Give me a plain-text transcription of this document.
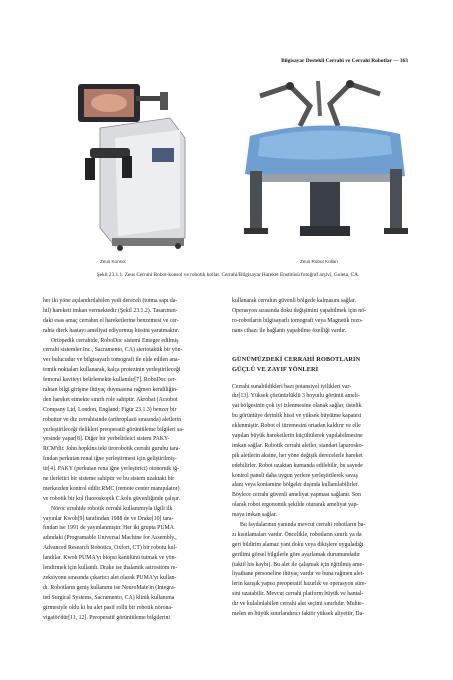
Bilgisayar Destekli Cerrahi ve Cerrahi Robotlar — 363
Zeus Konsol	Zeus Robot Kolları
Şekil 23.1.1. Zeus Cerrahi Robot-konsol ve robotik kollar. Cerrahi/Bilgisayar Hareket Enstitüsü fotoğraf arşivi, Goleta, CA.
her iki yöne açılandırılabilen yedi dereceli (tutma sapı da-
hil) hareketi imkan vermektedir (Şekil 23.1.2). Tasarımın-
daki esas amaç cerrahın el hareketlerine benzemesi ve cer-
rahta dierk hastayı ameliyat ediyormuş hissini yaratmaktır.
Ortopedik cerrahide, RoboDoc sistemi Entegre edilmiş
cerrahi sistemler Inc., Sacramento, CA) steriotaktik bir yön-
ver bulucudur ve bilgisayarlı tomografi ile elde edilen ana-
tomik noktaları kullanarak, kalça protezinin yerleştirileceği
femoral kaviteyi belirlemekte kullanılır[7]. RoboDoc cer-
rahtan bilgi girişine ihtiyaç duymasına rağmen kendiliğin-
den hareket etmekte sınırlı role sahiptir. Akrobat (Acrobot
Company Ltd, London, England; Figür 23.1.3) benzer bir
robottur ve diz cerrahisinde (arthroplasti sırasında) aletlerin
yerleştirileceği delikleri preoperatif görüntüleme bilgileri sa-
yesinde yapar[8]. Diğer bir yerbelirleici sistem PAKY-
RCM'dir. John hopkins teki ürorobotik cerrahi gurubu tara-
fından perkutan renal iğne yerleştirmesi için geliştirilmiş-
tir[4]. PAKY (perkutan rena iğne yerleştirici) otonomik iğ-
ne ilerletici bir sisteme sahiptir ve bu sistem uzaktaki bir
merkezden kontrol edilir.RMC (remote center manıpılator)
ve robotik bir kol fluoroskopik C.kolu güvenliğinde çalışır.
Nöroc errahide robotik cerrahi kullanımıyla ilgili ilk
yayınlar Kwoh[9] tarafından 1988 de ve Drake[10] tara-
fından ise 1991 de yayınlanmıştır. Her iki grupta PUMA
adındaki (Programable Universal Machine for Assembly.,
Advanced Research Robotics, Oxfort, CT) bir robotu kul-
landılar. Kwoh PUMA'yı biopsi kanülünü tutmak ve yön-
lendirmek için kullandı. Drake ise thalamik astrositom re-
zeksiyonu sırasında çıkartıcı alet olarak PUMA'yı kullan-
dı. Robotların geniş kullanımı ise NeuroMate'in (Integra-
ted Surgical Systems, Sacramento, CA) klinik kullanıma
girmesiyle oldu ki bu alet pasif rollü bir robotik nörona-
vigatör'dür[11, 12]. Preoperatif görüntüleme bilgilerini
kullanarak cerrahın güvenli bölgede kalmasını sağlar.
Operasyon sırasında doku değişimini yapabilmek için nö-
ro-robotların bilgisayarlı tomografi veya Magnetik rezo-
nans cihazı ile bağlantı yapabilme özelliği vardır.
GÜNÜMÜZDEKİ CERRAHİ ROBOTLARIN
GÜÇLÜ VE ZAYIF YÖNLERİ
Cerrahi sunabildikleri bazı potansiyel iyilikleri var-
dır[13]. Yüksek çözünürlüklü 3 boyutlu görüntü ameli-
yat bölgesinin çok iyi izlenmesine olanak sağlar, üstelik
bu görüntüye derinlik hissi ve yüksek büyütme kapatesi
eklenmiştir. Robot el titremesini ortadan kaldırır ve elle
yapılan büyük hareketlerin küçültülerek yapılabilmesine
imkan sağlar. Robotik cerrahi aletler, standart laparosko-
pik aletlerin aksine, her yöne değişik derecelerle hareket
edebilirler. Robot uzaktan kumanda edilebilir, bu sayede
kontrol paneli daha uygun yerlere yerleştirilerek savaş
alanı veya kontamine bölgeler dışında kullanılabilirler.
Böylece cerrahı güvenli ameliyat yapması sağlanır. Son
olarak robot ergonomik şekilde oturarak ameliyat yap-
maya imkan sağlar.
Bu faydalarının yanında mevcut cerrahi robotların ba-
zı kısıtlamaları vardır. Öncelikle, robotların sınırlı ya da
geri bildirim alamaz yani doku veya dikişlere uyguladığı
gerilimi görsel bilgilerle göre ayarlamak durumundadır
(taktil his kaybı). Bu alet ile çalışmak için eğitilmiş ame-
liyathane personeline ihtiyaç vardır ve buna rağmen alet-
lerin karışık yapısı preoperatif hazırlık ve operasyon süre-
sini uzatabilir. Mevcut cerrahi platform büyük ve hantal-
dır ve kulalınlabilen cerrahi alet seçimi sınırlıdır. Muhte-
melen en büyük sınırlandırıcı faktör yüksek aliyettir, Da-
